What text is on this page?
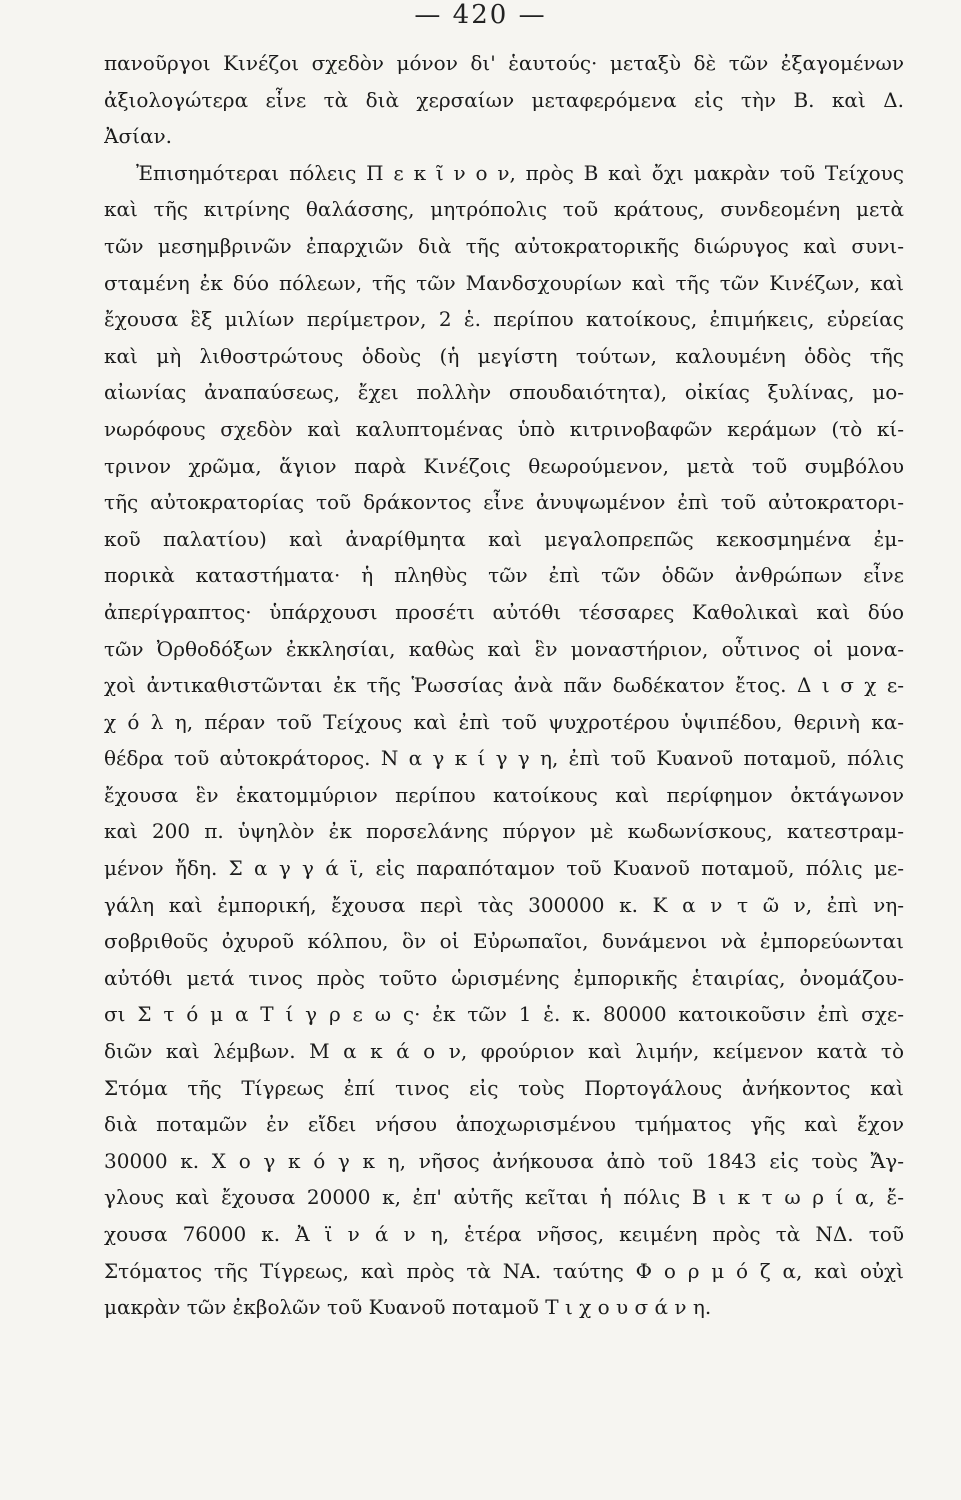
— 420 —
πανοῦργοι Κινέζοι σχεδὸν μόνον δι' ἑαυτούς· μεταξὺ δὲ τῶν ἐξαγομένων
ἀξιολογώτερα εἶνε τὰ διὰ χερσαίων μεταφερόμενα εἰς τὴν Β. καὶ Δ.
Ἀσίαν.
Ἐπισημότεραι πόλεις Π ε κ ῖ ν ο ν, πρὸς Β καὶ ὄχι μακρὰν τοῦ Τείχους
καὶ τῆς κιτρίνης θαλάσσης, μητρόπολις τοῦ κράτους, συνδεομένη μετὰ
τῶν μεσημβρινῶν ἐπαρχιῶν διὰ τῆς αὐτοκρατορικῆς διώρυγος καὶ συνι-
σταμένη ἐκ δύο πόλεων, τῆς τῶν Μανδσχουρίων καὶ τῆς τῶν Κινέζων, καὶ
ἔχουσα ἓξ μιλίων περίμετρον, 2 ἑ. περίπου κατοίκους, ἐπιμήκεις, εὐρείας
καὶ μὴ λιθοστρώτους ὁδοὺς (ἡ μεγίστη τούτων, καλουμένη ὁδὸς τῆς
αἰωνίας ἀναπαύσεως, ἔχει πολλὴν σπουδαιότητα), οἰκίας ξυλίνας, μο-
νωρόφους σχεδὸν καὶ καλυπτομένας ὑπὸ κιτρινοβαφῶν κεράμων (τὸ κί-
τρινον χρῶμα, ἅγιον παρὰ Κινέζοις θεωρούμενον, μετὰ τοῦ συμβόλου
τῆς αὐτοκρατορίας τοῦ δράκοντος εἶνε ἀνυψωμένον ἐπὶ τοῦ αὐτοκρατορι-
κοῦ παλατίου) καὶ ἀναρίθμητα καὶ μεγαλοπρεπῶς κεκοσμημένα ἐμ-
πορικὰ καταστήματα· ἡ πληθὺς τῶν ἐπὶ τῶν ὁδῶν ἀνθρώπων εἶνε
ἀπερίγραπτος· ὑπάρχουσι προσέτι αὐτόθι τέσσαρες Καθολικαὶ καὶ δύο
τῶν Ὀρθοδόξων ἐκκλησίαι, καθὼς καὶ ἓν μοναστήριον, οὗτινος οἱ μονα-
χοὶ ἀντικαθιστῶνται ἐκ τῆς Ῥωσσίας ἀνὰ πᾶν δωδέκατον ἔτος. Δ ι σ χ ε-
χ ό λ η, πέραν τοῦ Τείχους καὶ ἐπὶ τοῦ ψυχροτέρου ὑψιπέδου, θερινὴ κα-
θέδρα τοῦ αὐτοκράτορος. Ν α γ κ ί γ γ η, ἐπὶ τοῦ Κυανοῦ ποταμοῦ, πόλις
ἔχουσα ἓν ἑκατομμύριον περίπου κατοίκους καὶ περίφημον ὀκτάγωνον
καὶ 200 π. ὑψηλὸν ἐκ πορσελάνης πύργον μὲ κωδωνίσκους, κατεστραμ-
μένον ἤδη. Σ α γ γ ά ϊ, εἰς παραπόταμον τοῦ Κυανοῦ ποταμοῦ, πόλις με-
γάλη καὶ ἐμπορική, ἔχουσα περὶ τὰς 300000 κ. Κ α ν τ ῶ ν, ἐπὶ νη-
σοβριθοῦς ὀχυροῦ κόλπου, ὃν οἱ Εὐρωπαῖοι, δυνάμενοι νὰ ἐμπορεύωνται
αὐτόθι μετά τινος πρὸς τοῦτο ὡρισμένης ἐμπορικῆς ἑταιρίας, ὀνομάζου-
σι Σ τ ό μ α Τ ί γ ρ ε ω ς· ἐκ τῶν 1 ἑ. κ. 80000 κατοικοῦσιν ἐπὶ σχε-
διῶν καὶ λέμβων. Μ α κ ά ο ν, φρούριον καὶ λιμήν, κείμενον κατὰ τὸ
Στόμα τῆς Τίγρεως ἐπί τινος εἰς τοὺς Πορτογάλους ἀνήκοντος καὶ
διὰ ποταμῶν ἐν εἴδει νήσου ἀποχωρισμένου τμήματος γῆς καὶ ἔχον
30000 κ. Χ ο γ κ ό γ κ η, νῆσος ἀνήκουσα ἀπὸ τοῦ 1843 εἰς τοὺς Ἄγ-
γλους καὶ ἔχουσα 20000 κ, ἐπ' αὐτῆς κεῖται ἡ πόλις Β ι κ τ ω ρ ί α, ἔ-
χουσα 76000 κ. Ἀ ϊ ν ά ν η, ἑτέρα νῆσος, κειμένη πρὸς τὰ ΝΔ. τοῦ
Στόματος τῆς Τίγρεως, καὶ πρὸς τὰ ΝΑ. ταύτης Φ ο ρ μ ό ζ α, καὶ οὐχὶ
μακρὰν τῶν ἐκβολῶν τοῦ Κυανοῦ ποταμοῦ Τ ι χ ο υ σ ά ν η.
